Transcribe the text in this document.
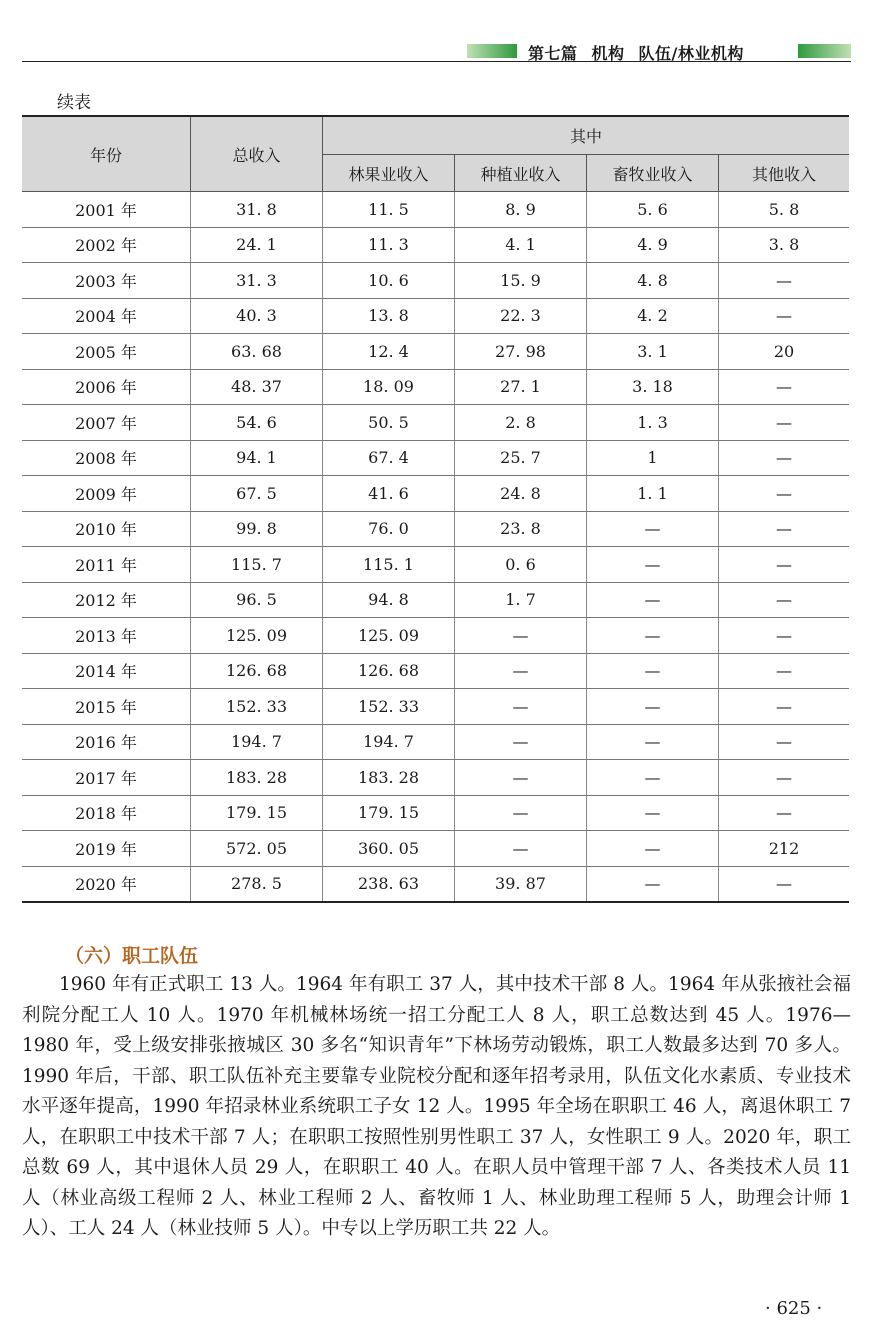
第七篇 机构 队伍/林业机构
续表
年份	总收入	其中			
		林果业收入	种植业收入	畜牧业收入	其他收入
2001 年	31. 8	11. 5	8. 9	5. 6	5. 8
2002 年	24. 1	11. 3	4. 1	4. 9	3. 8
2003 年	31. 3	10. 6	15. 9	4. 8	—
2004 年	40. 3	13. 8	22. 3	4. 2	—
2005 年	63. 68	12. 4	27. 98	3. 1	20
2006 年	48. 37	18. 09	27. 1	3. 18	—
2007 年	54. 6	50. 5	2. 8	1. 3	—
2008 年	94. 1	67. 4	25. 7	1	—
2009 年	67. 5	41. 6	24. 8	1. 1	—
2010 年	99. 8	76. 0	23. 8	—	—
2011 年	115. 7	115. 1	0. 6	—	—
2012 年	96. 5	94. 8	1. 7	—	—
2013 年	125. 09	125. 09	—	—	—
2014 年	126. 68	126. 68	—	—	—
2015 年	152. 33	152. 33	—	—	—
2016 年	194. 7	194. 7	—	—	—
2017 年	183. 28	183. 28	—	—	—
2018 年	179. 15	179. 15	—	—	—
2019 年	572. 05	360. 05	—	—	212
2020 年	278. 5	238. 63	39. 87	—	—
（六）职工队伍

1960 年有正式职工 13 人。1964 年有职工 37 人，其中技术干部 8 人。1964 年从张掖社会福利院分配工人 10 人。1970 年机械林场统一招工分配工人 8 人，职工总数达到 45 人。1976—1980 年，受上级安排张掖城区 30 多名“知识青年”下林场劳动锻炼，职工人数最多达到 70 多人。1990 年后，干部、职工队伍补充主要靠专业院校分配和逐年招考录用，队伍文化水素质、专业技术水平逐年提高，1990 年招录林业系统职工子女 12 人。1995 年全场在职职工 46 人，离退休职工 7 人，在职职工中技术干部 7 人；在职职工按照性别男性职工 37 人，女性职工 9 人。2020 年，职工总数 69 人，其中退休人员 29 人，在职职工 40 人。在职人员中管理干部 7 人、各类技术人员 11 人（林业高级工程师 2 人、林业工程师 2 人、畜牧师 1 人、林业助理工程师 5 人，助理会计师 1 人）、工人 24 人（林业技师 5 人）。中专以上学历职工共 22 人。

· 625 ·
